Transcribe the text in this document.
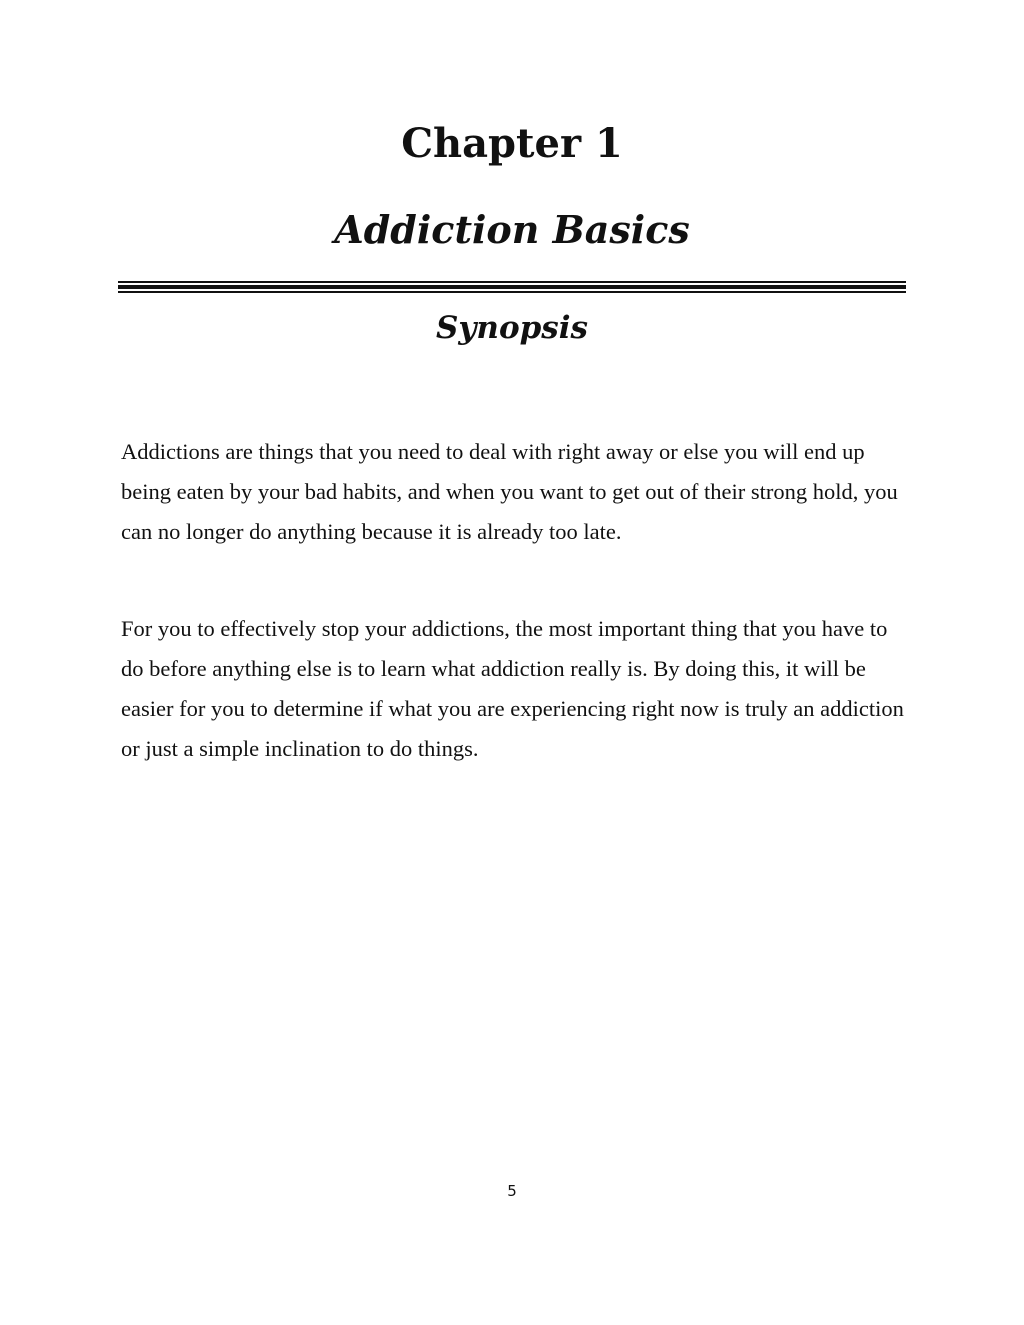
Chapter 1
Addiction Basics
Synopsis

Addictions are things that you need to deal with right away or else you will end up being eaten by your bad habits, and when you want to get out of their strong hold, you can no longer do anything because it is already too late.

For you to effectively stop your addictions, the most important thing that you have to do before anything else is to learn what addiction really is. By doing this, it will be easier for you to determine if what you are experiencing right now is truly an addiction or just a simple inclination to do things.

5
